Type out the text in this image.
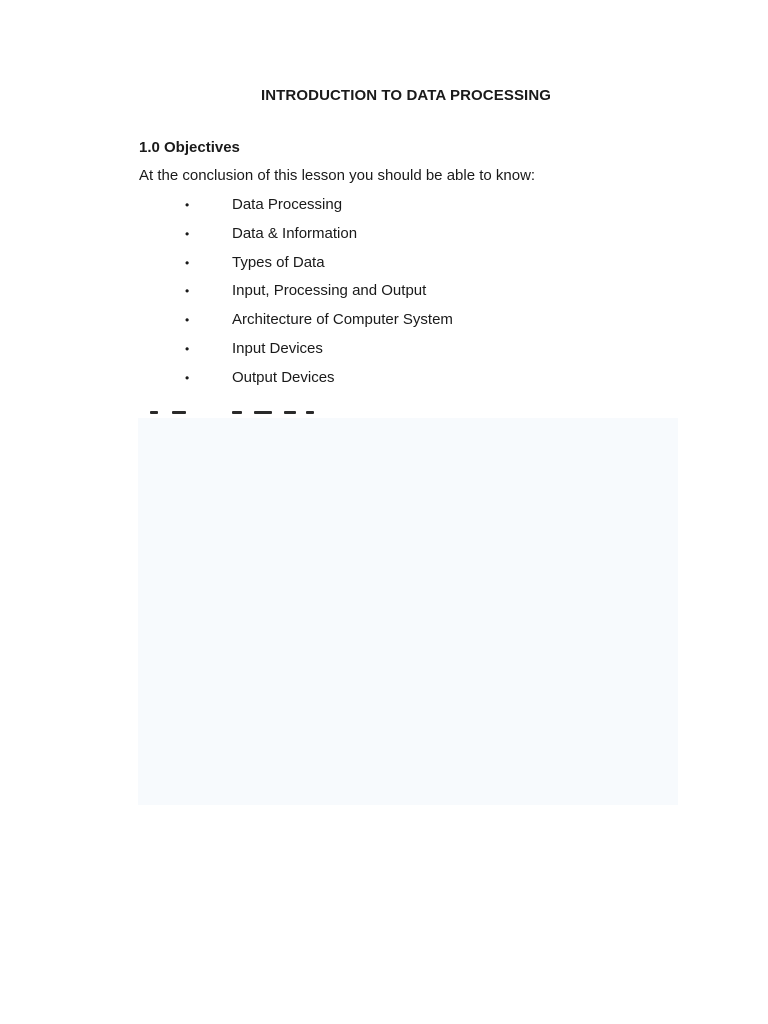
INTRODUCTION TO DATA PROCESSING
1.0 Objectives

At the conclusion of this lesson you should be able to know:

•	Data Processing
•	Data & Information
•	Types of Data
•	Input, Processing and Output
•	Architecture of Computer System
•	Input Devices
•	Output Devices
